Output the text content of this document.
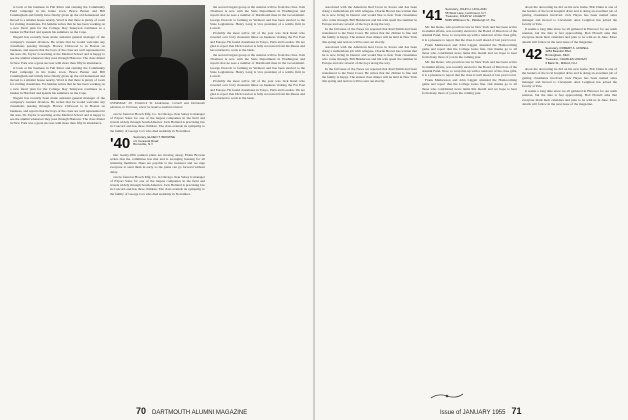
is back at his business in Fall River and running the Community Fund campaign in his home town. Bruce Baxter and Bill Cunningham and family have finally given up the old homestead and moved to a smaller house nearby. Word is that there is plenty of room for visiting classmates. Ed Jenkins writes that he has been working on a new fiscal plan for the College. Ray Tennyson continues as a banker in Hartford and spends his summers on the Cape.

Nugent has recently been made assistant general manager of the company's western division. He writes that he would welcome any classmates passing through. Horace Chitwood is in Boston on business, and reports that the boys of the class are well represented in the area. Dr. Taylor is teaching at the Medical School and is happy to see the alumni whenever they pass through Hanover. The class dinner in New York was a great success with more than fifty in attendance.

is back at his business in Fall River and running the Community Fund campaign in his home town. Bruce Baxter and Bill Cunningham and family have finally given up the old homestead and moved to a smaller house nearby. Word is that there is plenty of room for visiting classmates. Ed Jenkins writes that he has been working on a new fiscal plan for the College. Ray Tennyson continues as a banker in Hartford and spends his summers on the Cape.

Nugent has recently been made assistant general manager of the company's western division. He writes that he would welcome any classmates passing through. Horace Chitwood is in Boston on business, and reports that the boys of the class are well represented in the area. Dr. Taylor is teaching at the Medical School and is happy to see the alumni whenever they pass through Hanover. The class dinner in New York was a great success with more than fifty in attendance.

OVERSEAS: Dr. Frederick W. Lindemann, Cornell and Dartmouth alumnus, in Formosa, where he heads a medical mission.

can be found at Hooch Mfg. Co. in Chicago. Pete Sabey is manager of Export Sales for one of the largest companies in the field and travels widely through South America. Jack Holland is practising law in Concord and has three children. The class extends its sympathy to the family of George Cox who died suddenly in November.

'40 Secretary, ELDEN T. BROWNE
c/o Ceresota Road
Bronxville, N.Y.

Our twenty-fifth reunion plans are moving along. Elden Browne writes that the committee has met and is arranging housing for all returning members. Dues are payable to the treasurer and we urge everyone to send them in early so the plans can go forward without delay.

can be found at Hooch Mfg. Co. in Chicago. Pete Sabey is manager of Export Sales for one of the largest companies in the field and travels widely through South America. Jack Holland is practising law in Concord and has three children. The class extends its sympathy to the family of George Cox who died suddenly in November.

the second largest group at the reunion will be from the class. Tom Thomson is now with the State Department in Washington and reports that he sees a number of Dartmouth men in the Government. George Prescott is farming in Vermont and has been elected to the State Legislature. Henry Lang is vice president of a textile firm in Lowell.

Probably the most active '40 of the year was Jack Rand who traveled over forty thousand miles on business visiting the Far East and Europe. He found classmates in Tokyo, Paris and London. We are glad to report that Dick Lawton is fully recovered from his illness and has returned to work at the bank.

the second largest group at the reunion will be from the class. Tom Thomson is now with the State Department in Washington and reports that he sees a number of Dartmouth men in the Government. George Prescott is farming in Vermont and has been elected to the State Legislature. Henry Lang is vice president of a textile firm in Lowell.

Probably the most active '40 of the year was Jack Rand who traveled over forty thousand miles on business visiting the Far East and Europe. He found classmates in Tokyo, Paris and London. We are glad to report that Dick Lawton is fully recovered from his illness and has returned to work at the bank.

70 DARTMOUTH ALUMNI MAGAZINE

associated with the American Red Cross in Korea and has been doing a tremendous job with refugees. Charlie Brown has written that he is now living in Denver and would like to hear from classmates who come through. Bill Henderson and his wife spent the summer in Europe and saw several of the boys along the way.

In the fall issue of the News we reported that Paul Smith had been transferred to the West Coast. He writes that the climate is fine and the family is happy. The annual class dinner will be held in New York this spring and notices will be sent out shortly.

associated with the American Red Cross in Korea and has been doing a tremendous job with refugees. Charlie Brown has written that he is now living in Denver and would like to hear from classmates who come through. Bill Henderson and his wife spent the summer in Europe and saw several of the boys along the way.

In the fall issue of the News we reported that Paul Smith had been transferred to the West Coast. He writes that the climate is fine and the family is happy. The annual class dinner will be held in New York this spring and notices will be sent out shortly.

'41 Secretary, JOHN H. HOLLAND
55 West Lane, Larchmont, N.Y.
Treasurer, JOHN W. LIGGETT
5335 Wilkinson St., Pittsburgh 17, Pa.

Mr. Ike Reise, who practices law in New York and has been active in alumni affairs, was recently elected to the Board of Directors of the Alumni Fund. Now, to wrap this up with a rundown of the class gifts, it is a pleasure to report that the class is well ahead of last year's total.

Frank Mathewson and John Liggett attended the Homecoming game and report that the College looks fine. Our thanks go to all those who contributed news items this month and we hope to hear from many more of you in the coming year.

Mr. Ike Reise, who practices law in New York and has been active in alumni affairs, was recently elected to the Board of Directors of the Alumni Fund. Now, to wrap this up with a rundown of the class gifts, it is a pleasure to report that the class is well ahead of last year's total.

Frank Mathewson and John Liggett attended the Homecoming game and report that the College looks fine. Our thanks go to all those who contributed news items this month and we hope to hear from many more of you in the coming year.

about the decorating he did on his new home. Bob Dunn is one of the leaders of the local hospital drive and is doing an excellent job of getting classmates involved. Jack Hayes has been named sales manager and moved to Cleveland. Alex Leighton has joined the faculty at Yale.

It seems a long time since we all gathered in Hanover for our tenth reunion, but the date is fast approaching. Bob Howell asks that everyone mark their calendars and plan to be with us in June. More details will follow in the next issue of the magazine.

'42 Secretary, ROBERT A. HOWELL
1284 Beaufort Blvd.
Birmingham, Mich.
Treasurer, CHARLES LINDSAY
3 Bank St., Milford, N.H.

about the decorating he did on his new home. Bob Dunn is one of the leaders of the local hospital drive and is doing an excellent job of getting classmates involved. Jack Hayes has been named sales manager and moved to Cleveland. Alex Leighton has joined the faculty at Yale.

It seems a long time since we all gathered in Hanover for our tenth reunion, but the date is fast approaching. Bob Howell asks that everyone mark their calendars and plan to be with us in June. More details will follow in the next issue of the magazine.

Issue of JANUARY 1955 71
